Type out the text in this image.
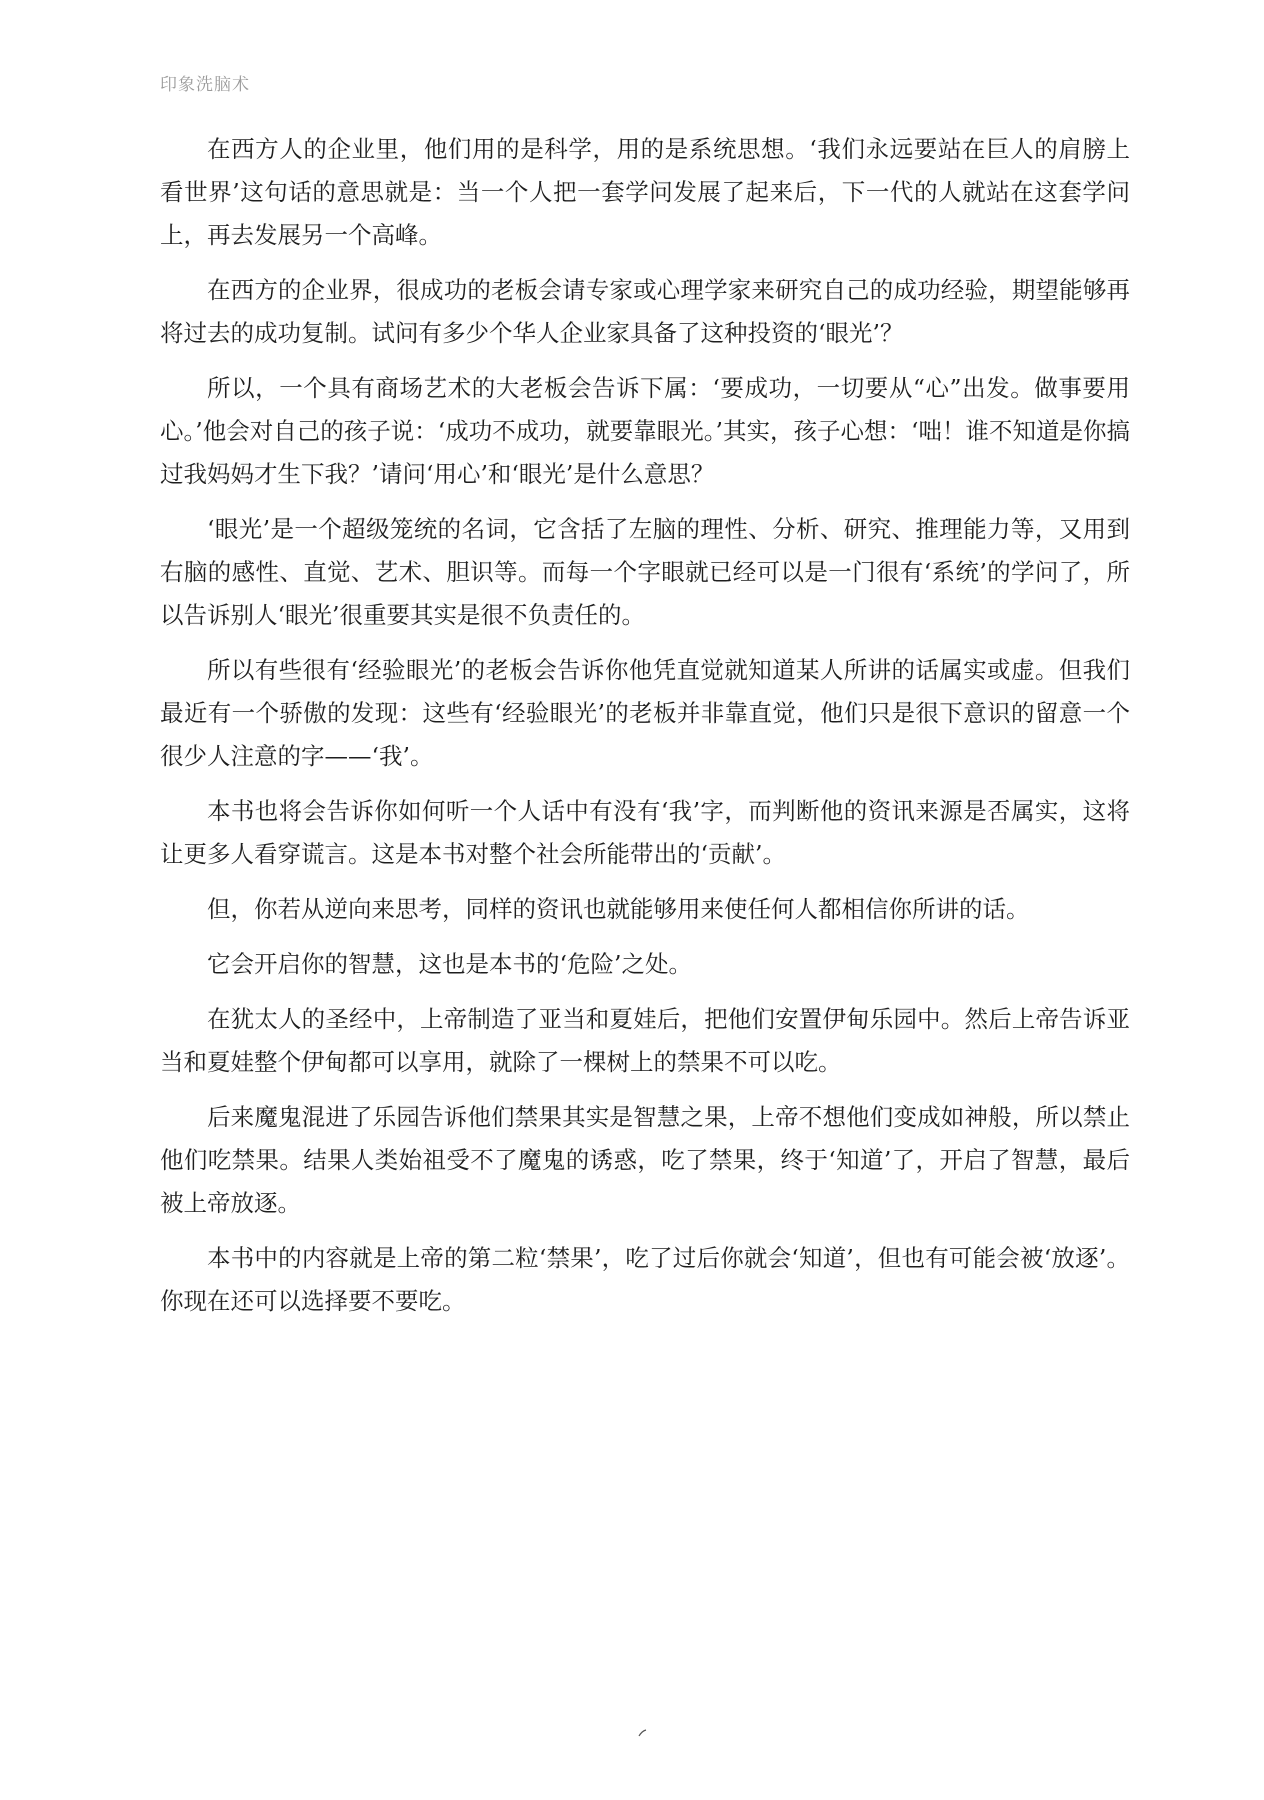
印象洗脑术

在西方人的企业里，他们用的是科学，用的是系统思想。‘我们永远要站在巨人的肩膀上看世界’这句话的意思就是：当一个人把一套学问发展了起来后，下一代的人就站在这套学问上，再去发展另一个高峰。

在西方的企业界，很成功的老板会请专家或心理学家来研究自己的成功经验，期望能够再将过去的成功复制。试问有多少个华人企业家具备了这种投资的‘眼光’？

所以，一个具有商场艺术的大老板会告诉下属：‘要成功，一切要从“心”出发。做事要用心。’他会对自己的孩子说：‘成功不成功，就要靠眼光。’其实，孩子心想：‘咄！谁不知道是你搞过我妈妈才生下我？’请问‘用心’和‘眼光’是什么意思？

‘眼光’是一个超级笼统的名词，它含括了左脑的理性、分析、研究、推理能力等，又用到右脑的感性、直觉、艺术、胆识等。而每一个字眼就已经可以是一门很有‘系统’的学问了，所以告诉别人‘眼光’很重要其实是很不负责任的。

所以有些很有‘经验眼光’的老板会告诉你他凭直觉就知道某人所讲的话属实或虚。但我们最近有一个骄傲的发现：这些有‘经验眼光’的老板并非靠直觉，他们只是很下意识的留意一个很少人注意的字——‘我’。

本书也将会告诉你如何听一个人话中有没有‘我’字，而判断他的资讯来源是否属实，这将让更多人看穿谎言。这是本书对整个社会所能带出的‘贡献’。

但，你若从逆向来思考，同样的资讯也就能够用来使任何人都相信你所讲的话。

它会开启你的智慧，这也是本书的‘危险’之处。

在犹太人的圣经中，上帝制造了亚当和夏娃后，把他们安置伊甸乐园中。然后上帝告诉亚当和夏娃整个伊甸都可以享用，就除了一棵树上的禁果不可以吃。

后来魔鬼混进了乐园告诉他们禁果其实是智慧之果，上帝不想他们变成如神般，所以禁止他们吃禁果。结果人类始祖受不了魔鬼的诱惑，吃了禁果，终于‘知道’了，开启了智慧，最后被上帝放逐。

本书中的内容就是上帝的第二粒‘禁果’，吃了过后你就会‘知道’，但也有可能会被‘放逐’。你现在还可以选择要不要吃。
